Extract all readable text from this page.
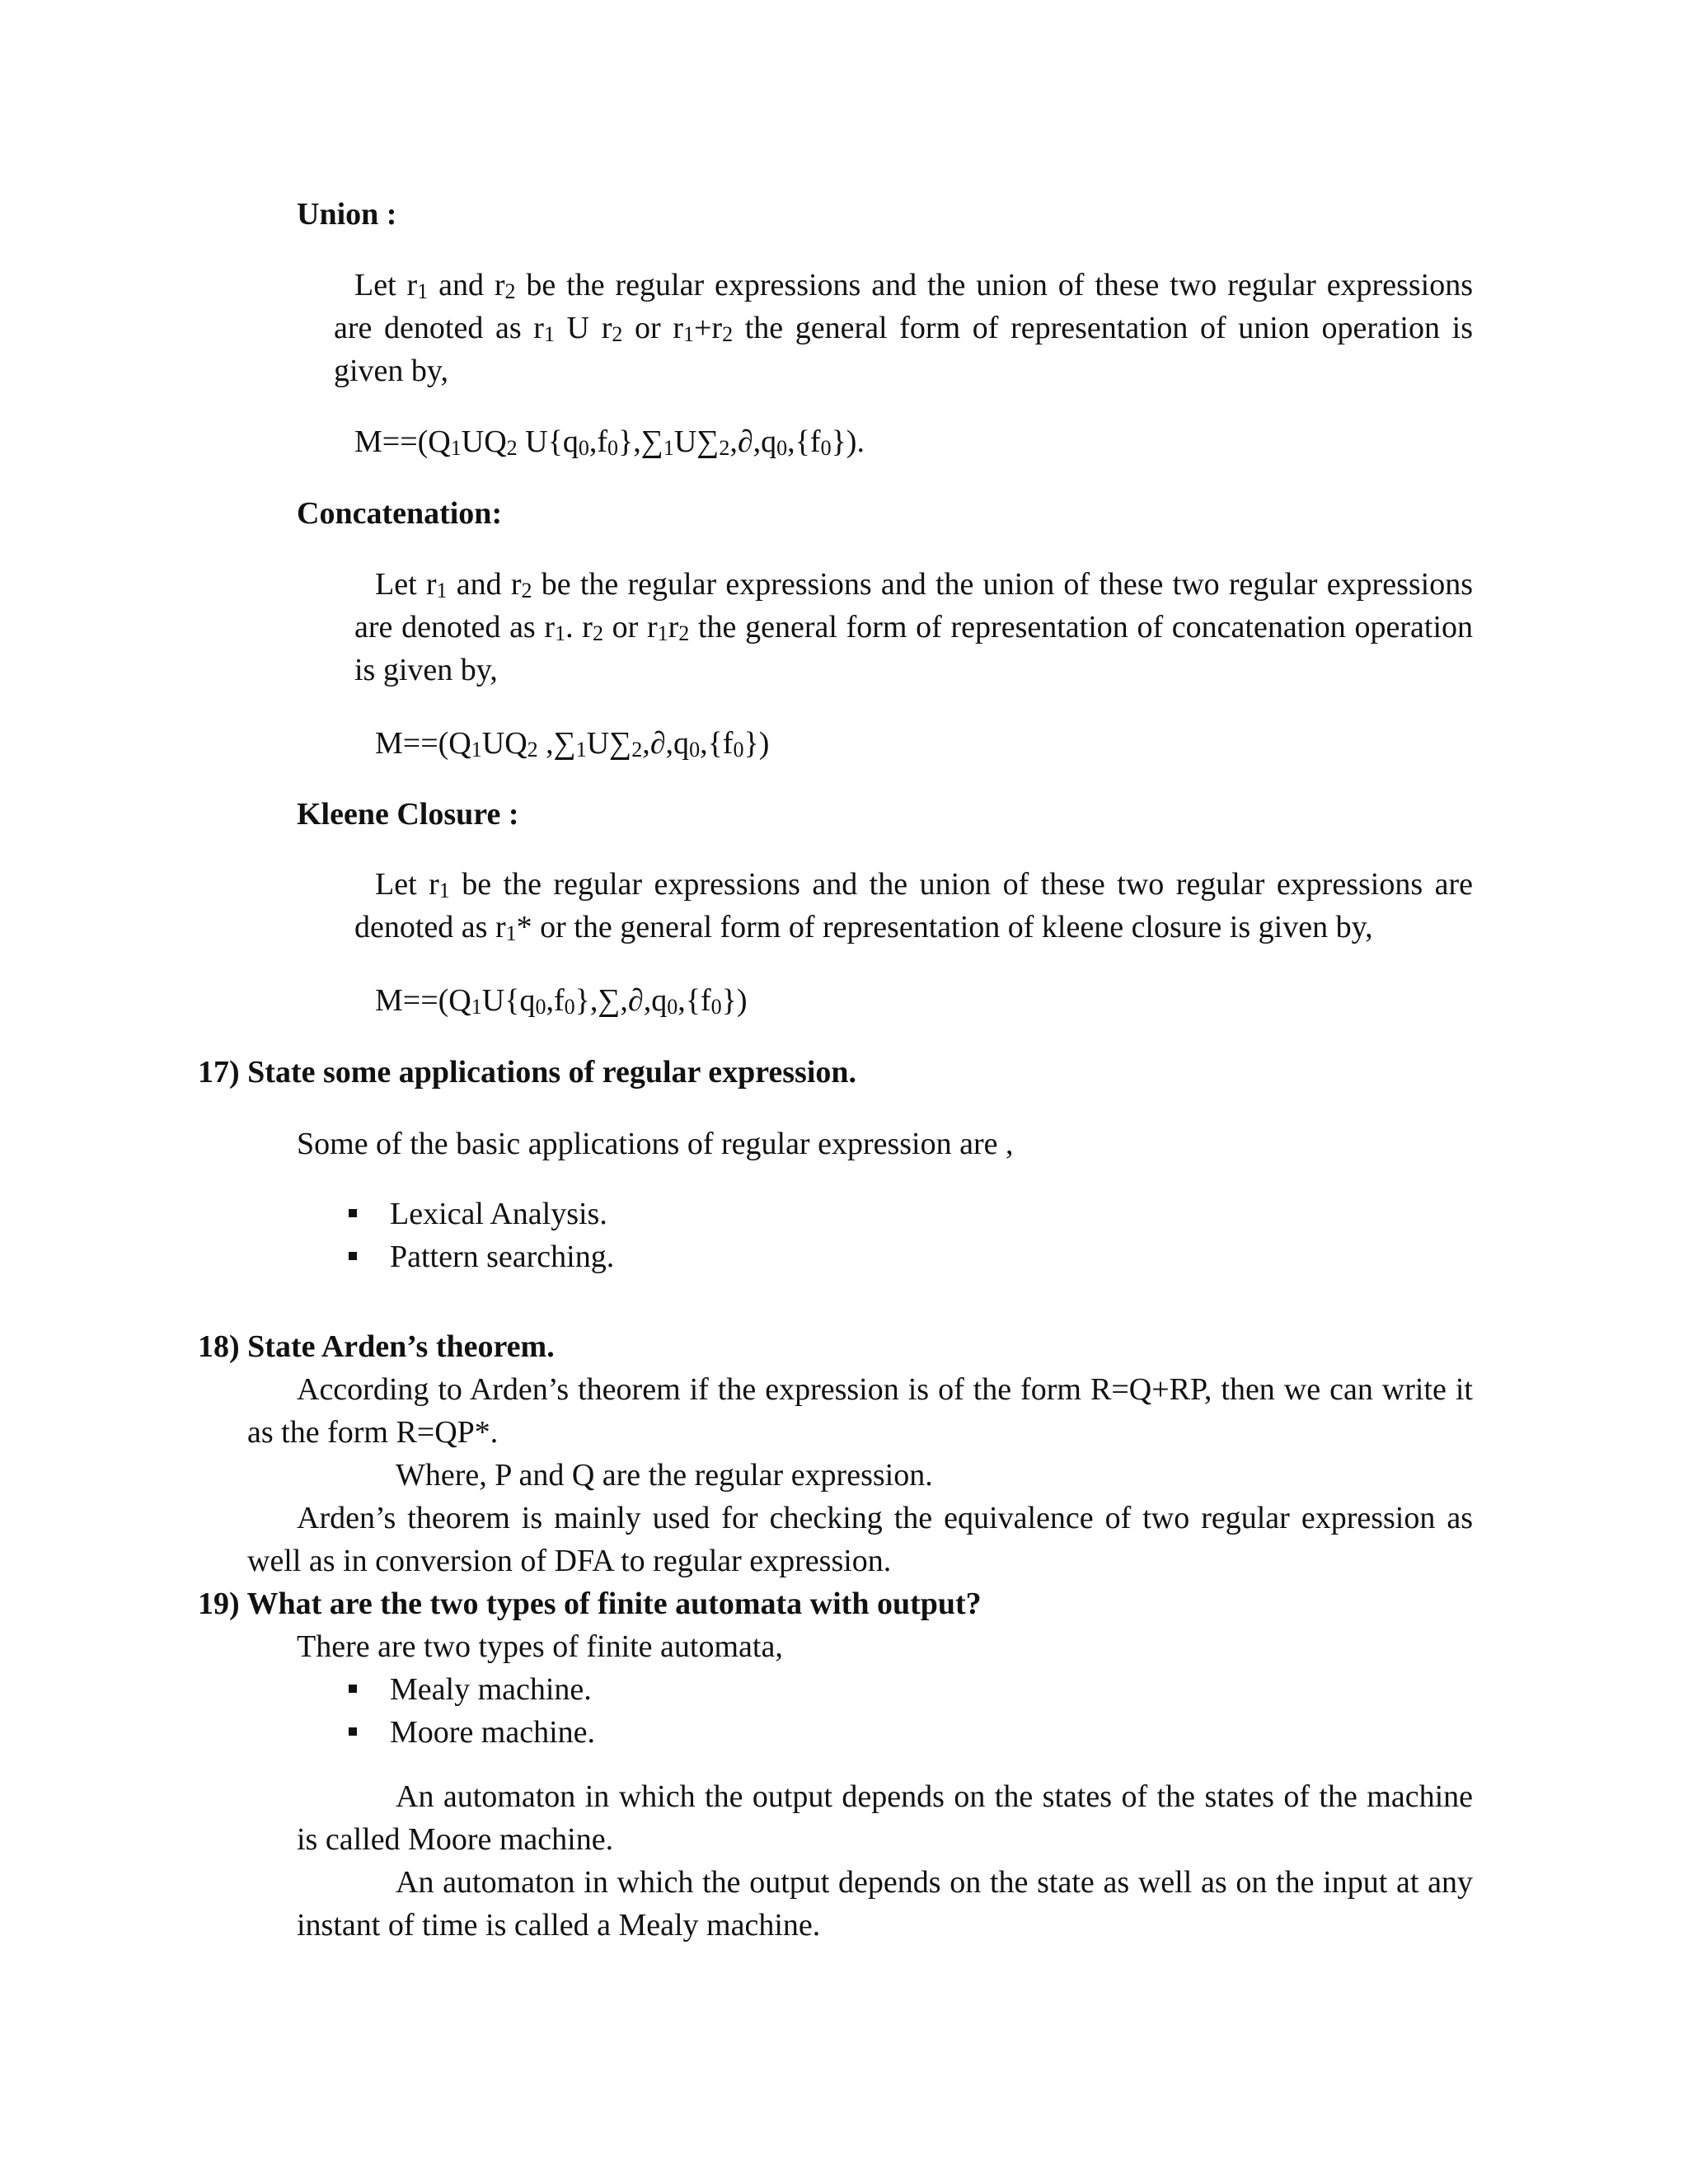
Union :
Let $r_1$ and $r_2$ be the regular expressions and the union of these two regular expressions are denoted as $r_1$ U $r_2$ or $r_1+r_2$ the general form of representation of union operation is given by,
$M==(Q_1UQ_2$ $U\{q_0,f_0\},\sum_1U\sum_2,\partial,q_0,\{f_0\}$).
Concatenation:
Let $r_1$ and $r_2$ be the regular expressions and the union of these two regular expressions are denoted as $r_1$. $r_2$ or $r_1r_2$ the general form of representation of concatenation operation is given by,
$M==(Q_1UQ_2$ $,\sum_1U\sum_2,\partial,q_0,\{f_0\}$)
Kleene Closure :
Let $r_1$ be the regular expressions and the union of these two regular expressions are denoted as $r_1*$ or the general form of representation of kleene closure is given by,
$M==(Q_1U\{q_0,f_0\},\sum,\partial,q_0,\{f_0\})$
17) State some applications of regular expression.
Some of the basic applications of regular expression are ,
Lexical Analysis.
Pattern searching.
18) State Arden’s theorem.
According to Arden’s theorem if the expression is of the form R=Q+RP, then we can write it as the form R=QP*.
Where, P and Q are the regular expression.
Arden’s theorem is mainly used for checking the equivalence of two regular expression as well as in conversion of DFA to regular expression.
19) What are the two types of finite automata with output?
There are two types of finite automata,
Mealy machine.
Moore machine.
An automaton in which the output depends on the states of the states of the machine is called Moore machine.
An automaton in which the output depends on the state as well as on the input at any instant of time is called a Mealy machine.
